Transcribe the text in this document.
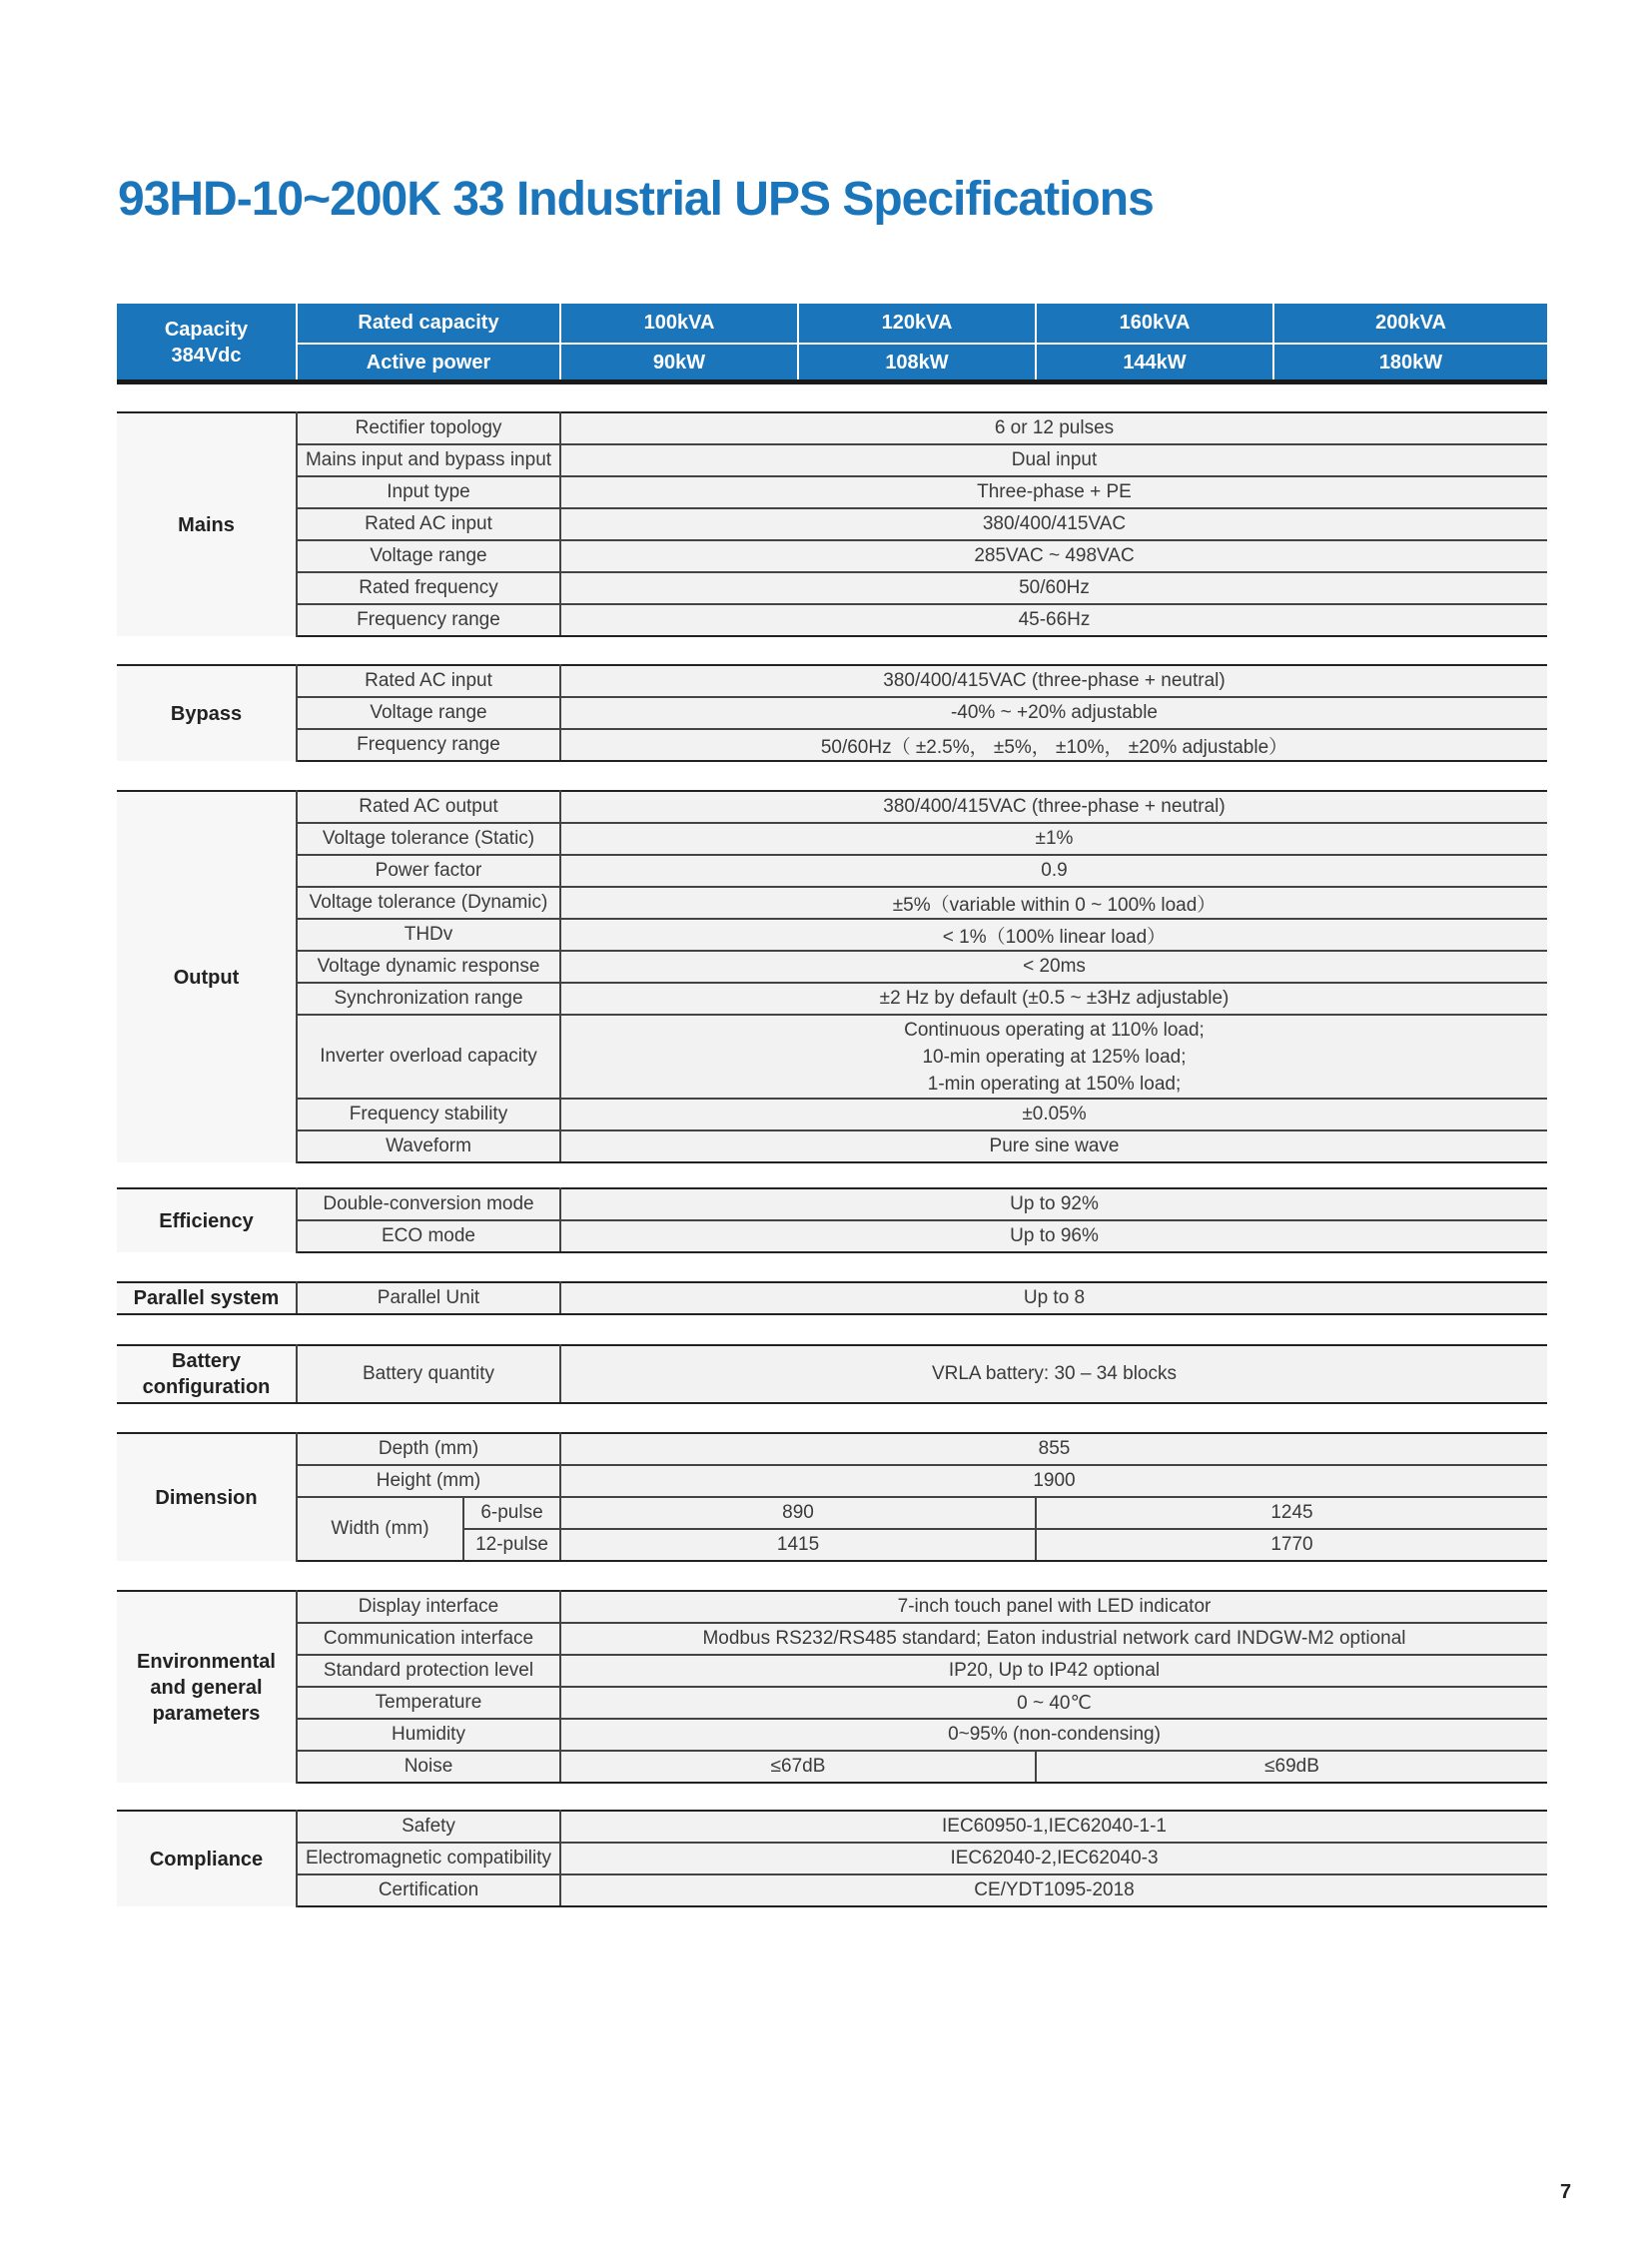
93HD-10~200K 33 Industrial UPS Specifications
Capacity
384Vdc	Rated capacity	100kVA	120kVA	160kVA	200kVA
	Active power	90kW	108kW	144kW	180kW
Mains	Rectifier topology	6 or 12 pulses
	Mains input and bypass input	Dual input
	Input type	Three-phase + PE
	Rated AC input	380/400/415VAC
	Voltage range	285VAC ~ 498VAC
	Rated frequency	50/60Hz
	Frequency range	45-66Hz
Bypass	Rated AC input	380/400/415VAC (three-phase + neutral)
	Voltage range	-40% ~ +20% adjustable
	Frequency range	50/60Hz（ ±2.5%， ±5%， ±10%， ±20% adjustable）
Output	Rated AC output	380/400/415VAC (three-phase + neutral)
	Voltage tolerance (Static)	±1%
	Power factor	0.9
	Voltage tolerance (Dynamic)	±5%（variable within 0 ~ 100% load）
	THDv	< 1%（100% linear load）
	Voltage dynamic response	< 20ms
	Synchronization range	±2 Hz by default (±0.5 ~ ±3Hz adjustable)
	Inverter overload capacity	Continuous operating at 110% load;
10-min operating at 125% load;
1-min operating at 150% load;

	Frequency stability	±0.05%
	Waveform	Pure sine wave
Efficiency	Double-conversion mode	Up to 92%
	ECO mode	Up to 96%
Parallel system	Parallel Unit	Up to 8
Battery
configuration
	Battery quantity	VRLA battery: 30 – 34 blocks
Dimension	Depth (mm)		855	
	Height (mm)		1900	
	Width (mm)	6-pulse	890	1245
		12-pulse	1415	1770
Environmental
and general
parameters	Display interface	7-inch touch panel with LED indicator	
	Communication interface	Modbus RS232/RS485 standard; Eaton industrial network card INDGW-M2 optional	
	Standard protection level	IP20, Up to IP42 optional	
	Temperature	0 ~ 40℃	
	Humidity	0~95% (non-condensing)	
	Noise	≤67dB	≤69dB
Compliance	Safety	IEC60950-1,IEC62040-1-1
	Electromagnetic compatibility	IEC62040-2,IEC62040-3
	Certification	CE/YDT1095-2018
7
